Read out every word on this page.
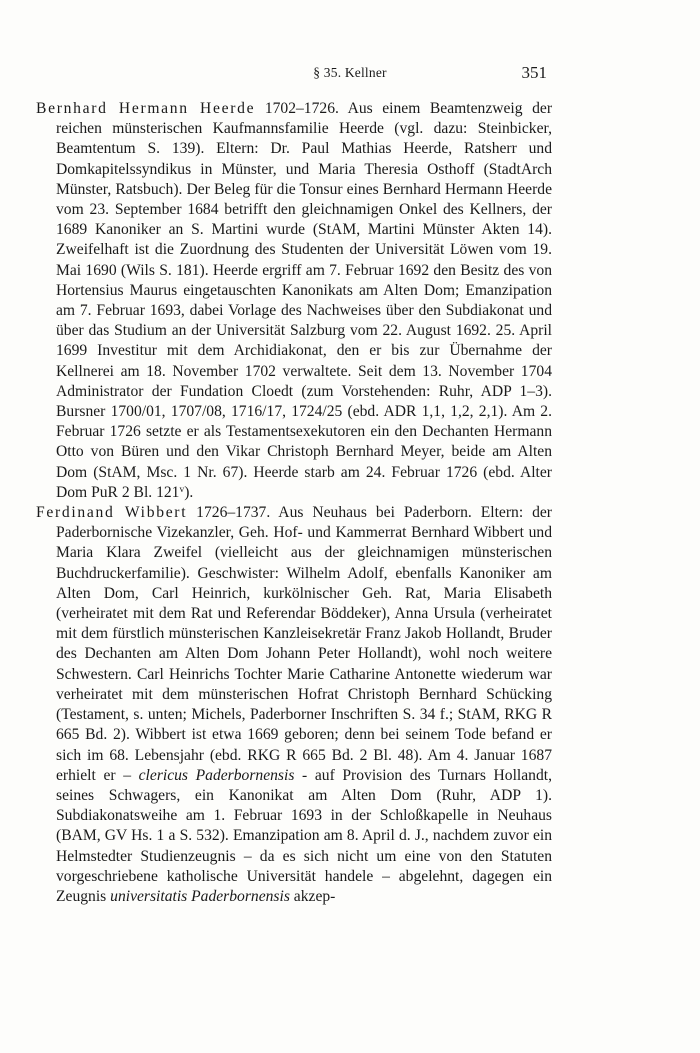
§ 35. Kellner	351

Bernhard Hermann Heerde 1702–1726. Aus einem Beamtenzweig der reichen münsterischen Kaufmannsfamilie Heerde (vgl. dazu: Steinbicker, Beamtentum S. 139). Eltern: Dr. Paul Mathias Heerde, Ratsherr und Domkapitelssyndikus in Münster, und Maria Theresia Osthoff (StadtArch Münster, Ratsbuch). Der Beleg für die Tonsur eines Bernhard Hermann Heerde vom 23. September 1684 betrifft den gleichnamigen Onkel des Kellners, der 1689 Kanoniker an S. Martini wurde (StAM, Martini Münster Akten 14). Zweifelhaft ist die Zuordnung des Studenten der Universität Löwen vom 19. Mai 1690 (Wils S. 181). Heerde ergriff am 7. Februar 1692 den Besitz des von Hortensius Maurus eingetauschten Kanonikats am Alten Dom; Emanzipation am 7. Februar 1693, dabei Vorlage des Nachweises über den Subdiakonat und über das Studium an der Universität Salzburg vom 22. August 1692. 25. April 1699 Investitur mit dem Archidiakonat, den er bis zur Übernahme der Kellnerei am 18. November 1702 verwaltete. Seit dem 13. November 1704 Administrator der Fundation Cloedt (zum Vorstehenden: Ruhr, ADP 1–3). Bursner 1700/01, 1707/08, 1716/17, 1724/25 (ebd. ADR 1,1, 1,2, 2,1). Am 2. Februar 1726 setzte er als Testamentsexekutoren ein den Dechanten Hermann Otto von Büren und den Vikar Christoph Bernhard Meyer, beide am Alten Dom (StAM, Msc. 1 Nr. 67). Heerde starb am 24. Februar 1726 (ebd. Alter Dom PuR 2 Bl. 121$^v$).

Ferdinand Wibbert 1726–1737. Aus Neuhaus bei Paderborn. Eltern: der Paderbornische Vizekanzler, Geh. Hof- und Kammerrat Bernhard Wibbert und Maria Klara Zweifel (vielleicht aus der gleichnamigen münsterischen Buchdruckerfamilie). Geschwister: Wilhelm Adolf, ebenfalls Kanoniker am Alten Dom, Carl Heinrich, kurkölnischer Geh. Rat, Maria Elisabeth (verheiratet mit dem Rat und Referendar Böddeker), Anna Ursula (verheiratet mit dem fürstlich münsterischen Kanzleisekretär Franz Jakob Hollandt, Bruder des Dechanten am Alten Dom Johann Peter Hollandt), wohl noch weitere Schwestern. Carl Heinrichs Tochter Marie Catharine Antonette wiederum war verheiratet mit dem münsterischen Hofrat Christoph Bernhard Schücking (Testament, s. unten; Michels, Paderborner Inschriften S. 34 f.; StAM, RKG R 665 Bd. 2). Wibbert ist etwa 1669 geboren; denn bei seinem Tode befand er sich im 68. Lebensjahr (ebd. RKG R 665 Bd. 2 Bl. 48). Am 4. Januar 1687 erhielt er – clericus Paderbornensis - auf Provision des Turnars Hollandt, seines Schwagers, ein Kanonikat am Alten Dom (Ruhr, ADP 1). Subdiakonatsweihe am 1. Februar 1693 in der Schloßkapelle in Neuhaus (BAM, GV Hs. 1 a S. 532). Emanzipation am 8. April d. J., nachdem zuvor ein Helmstedter Studienzeugnis – da es sich nicht um eine von den Statuten vorgeschriebene katholische Universität handele – abgelehnt, dagegen ein Zeugnis universitatis Paderbornensis akzep-
